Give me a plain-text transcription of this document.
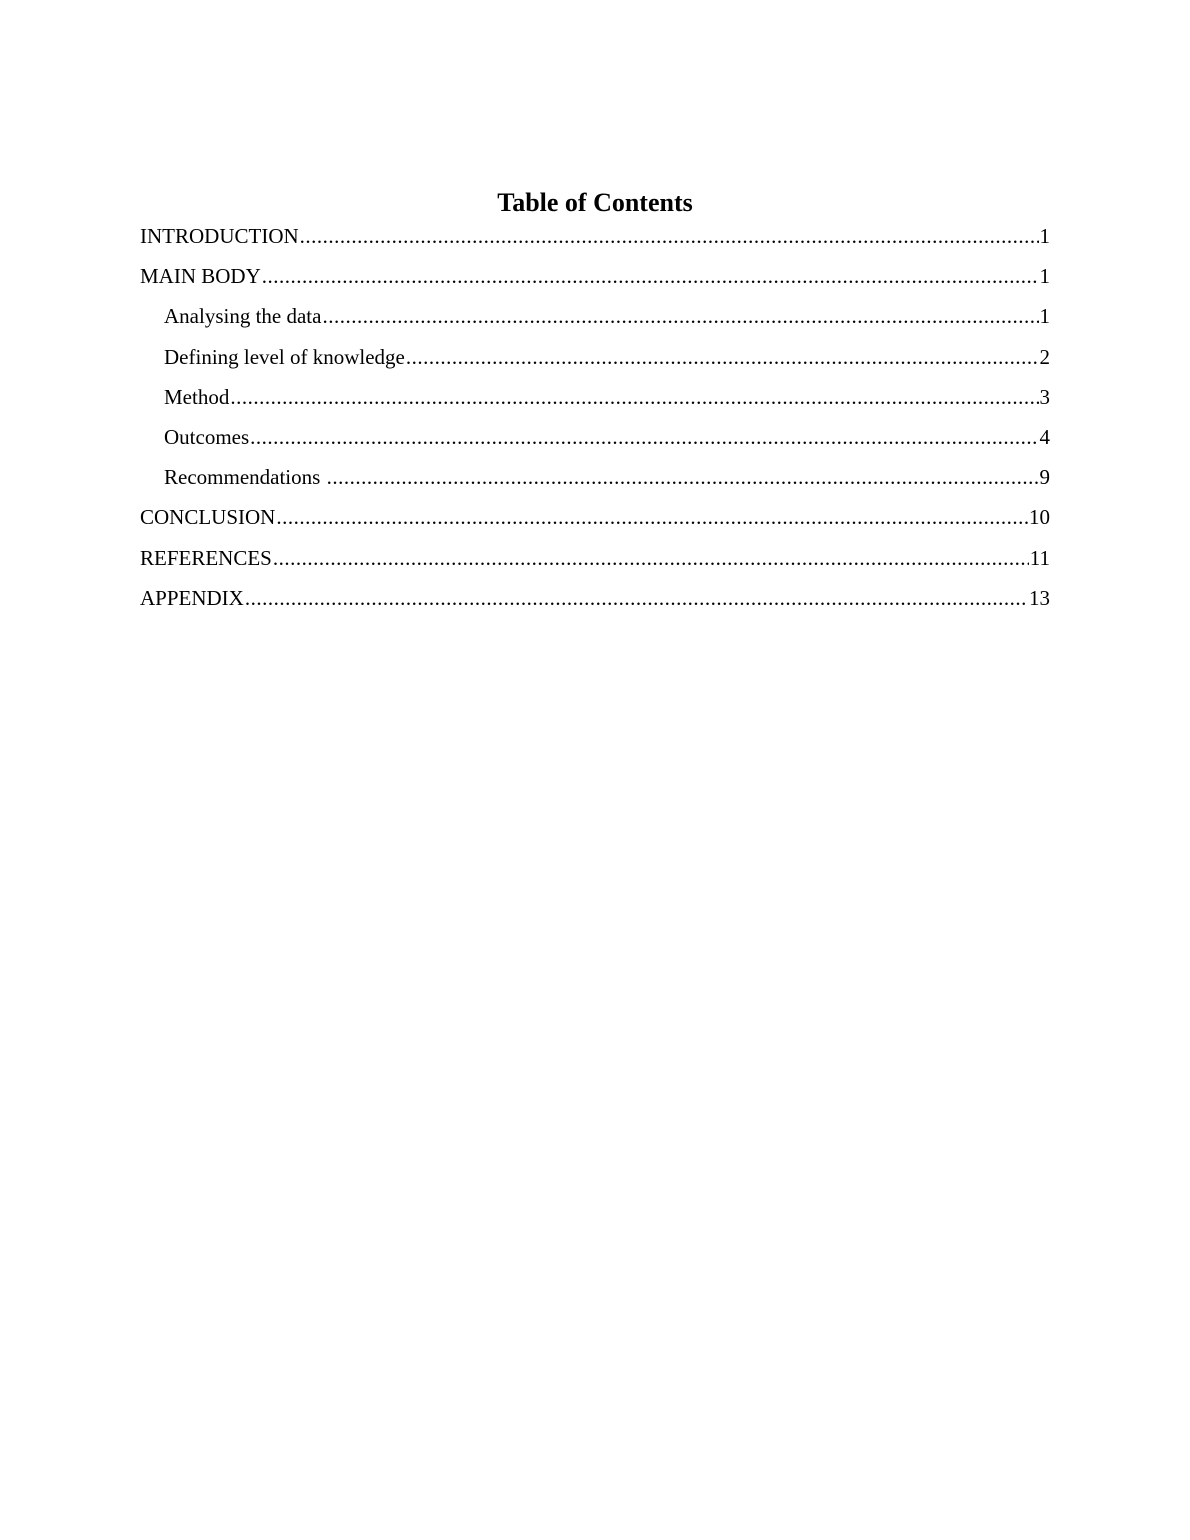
Table of Contents
INTRODUCTION .....	1
MAIN BODY .....	1
Analysing the data .....	1
Defining level of knowledge .....	2
Method .....	3
Outcomes .....	4
Recommendations .....	9
CONCLUSION .....	10
REFERENCES .....	11
APPENDIX .....	13
